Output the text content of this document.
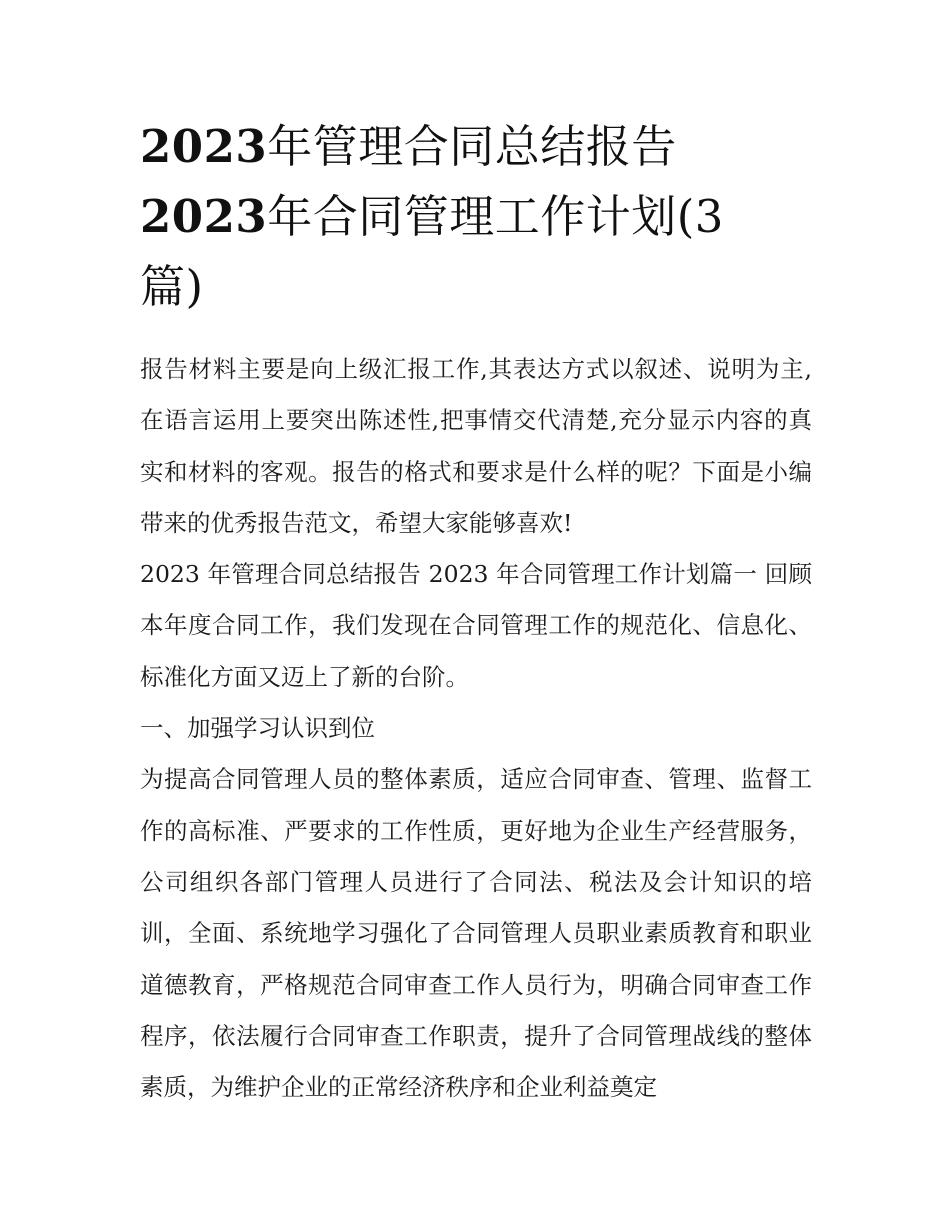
2023年管理合同总结报告
2023年合同管理工作计划(3
篇)

报告材料主要是向上级汇报工作,其表达方式以叙述、说明为主,在语言运用上要突出陈述性,把事情交代清楚,充分显示内容的真实和材料的客观。报告的格式和要求是什么样的呢？下面是小编带来的优秀报告范文，希望大家能够喜欢!

2023 年管理合同总结报告 2023 年合同管理工作计划篇一 回顾本年度合同工作，我们发现在合同管理工作的规范化、信息化、标准化方面又迈上了新的台阶。

一、加强学习认识到位

为提高合同管理人员的整体素质，适应合同审查、管理、监督工作的高标准、严要求的工作性质，更好地为企业生产经营服务，公司组织各部门管理人员进行了合同法、税法及会计知识的培训，全面、系统地学习强化了合同管理人员职业素质教育和职业道德教育，严格规范合同审查工作人员行为，明确合同审查工作程序，依法履行合同审查工作职责，提升了合同管理战线的整体素质，为维护企业的正常经济秩序和企业利益奠定
